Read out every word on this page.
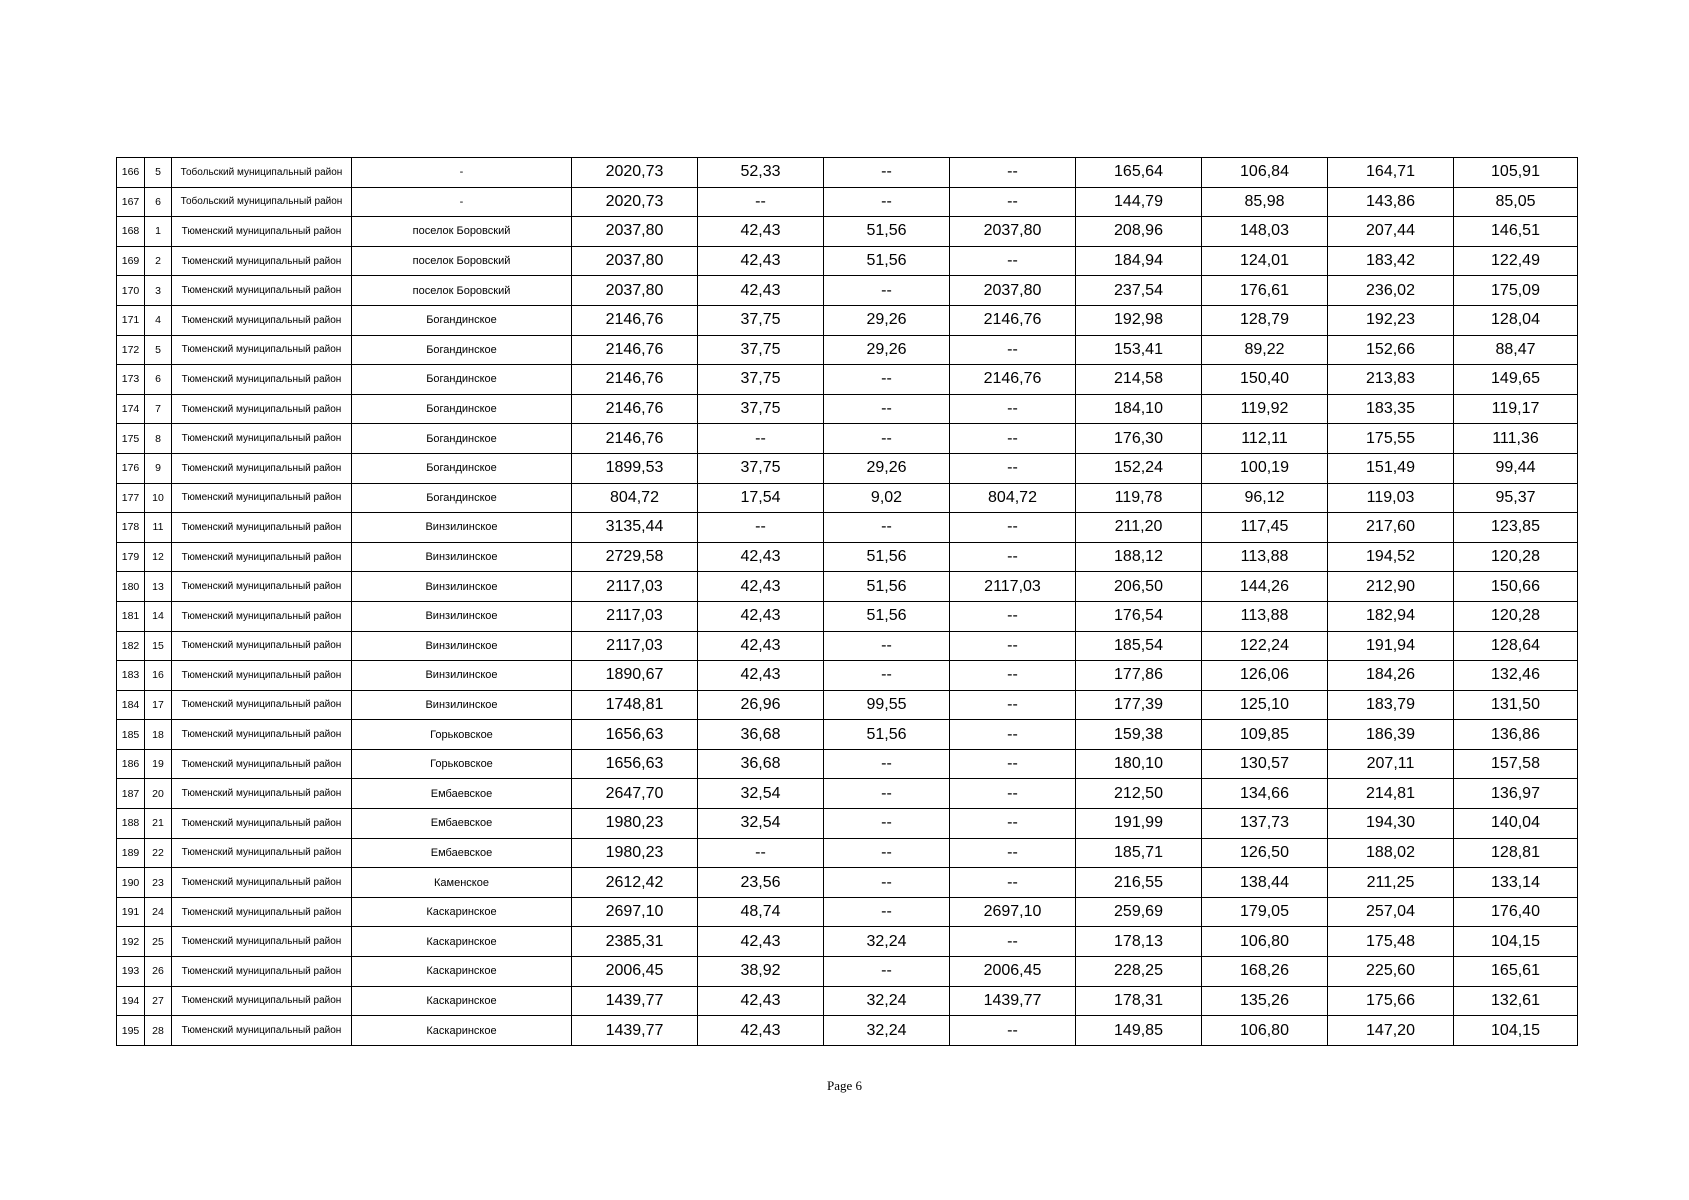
166	5	Тобольский муниципальный район	-	2020,73	52,33	--	--	165,64	106,84	164,71	105,91
167	6	Тобольский муниципальный район	-	2020,73	--	--	--	144,79	85,98	143,86	85,05
168	1	Тюменский муниципальный район	поселок Боровский	2037,80	42,43	51,56	2037,80	208,96	148,03	207,44	146,51
169	2	Тюменский муниципальный район	поселок Боровский	2037,80	42,43	51,56	--	184,94	124,01	183,42	122,49
170	3	Тюменский муниципальный район	поселок Боровский	2037,80	42,43	--	2037,80	237,54	176,61	236,02	175,09
171	4	Тюменский муниципальный район	Богандинское	2146,76	37,75	29,26	2146,76	192,98	128,79	192,23	128,04
172	5	Тюменский муниципальный район	Богандинское	2146,76	37,75	29,26	--	153,41	89,22	152,66	88,47
173	6	Тюменский муниципальный район	Богандинское	2146,76	37,75	--	2146,76	214,58	150,40	213,83	149,65
174	7	Тюменский муниципальный район	Богандинское	2146,76	37,75	--	--	184,10	119,92	183,35	119,17
175	8	Тюменский муниципальный район	Богандинское	2146,76	--	--	--	176,30	112,11	175,55	111,36
176	9	Тюменский муниципальный район	Богандинское	1899,53	37,75	29,26	--	152,24	100,19	151,49	99,44
177	10	Тюменский муниципальный район	Богандинское	804,72	17,54	9,02	804,72	119,78	96,12	119,03	95,37
178	11	Тюменский муниципальный район	Винзилинское	3135,44	--	--	--	211,20	117,45	217,60	123,85
179	12	Тюменский муниципальный район	Винзилинское	2729,58	42,43	51,56	--	188,12	113,88	194,52	120,28
180	13	Тюменский муниципальный район	Винзилинское	2117,03	42,43	51,56	2117,03	206,50	144,26	212,90	150,66
181	14	Тюменский муниципальный район	Винзилинское	2117,03	42,43	51,56	--	176,54	113,88	182,94	120,28
182	15	Тюменский муниципальный район	Винзилинское	2117,03	42,43	--	--	185,54	122,24	191,94	128,64
183	16	Тюменский муниципальный район	Винзилинское	1890,67	42,43	--	--	177,86	126,06	184,26	132,46
184	17	Тюменский муниципальный район	Винзилинское	1748,81	26,96	99,55	--	177,39	125,10	183,79	131,50
185	18	Тюменский муниципальный район	Горьковское	1656,63	36,68	51,56	--	159,38	109,85	186,39	136,86
186	19	Тюменский муниципальный район	Горьковское	1656,63	36,68	--	--	180,10	130,57	207,11	157,58
187	20	Тюменский муниципальный район	Ембаевское	2647,70	32,54	--	--	212,50	134,66	214,81	136,97
188	21	Тюменский муниципальный район	Ембаевское	1980,23	32,54	--	--	191,99	137,73	194,30	140,04
189	22	Тюменский муниципальный район	Ембаевское	1980,23	--	--	--	185,71	126,50	188,02	128,81
190	23	Тюменский муниципальный район	Каменское	2612,42	23,56	--	--	216,55	138,44	211,25	133,14
191	24	Тюменский муниципальный район	Каскаринское	2697,10	48,74	--	2697,10	259,69	179,05	257,04	176,40
192	25	Тюменский муниципальный район	Каскаринское	2385,31	42,43	32,24	--	178,13	106,80	175,48	104,15
193	26	Тюменский муниципальный район	Каскаринское	2006,45	38,92	--	2006,45	228,25	168,26	225,60	165,61
194	27	Тюменский муниципальный район	Каскаринское	1439,77	42,43	32,24	1439,77	178,31	135,26	175,66	132,61
195	28	Тюменский муниципальный район	Каскаринское	1439,77	42,43	32,24	--	149,85	106,80	147,20	104,15
Page 6
